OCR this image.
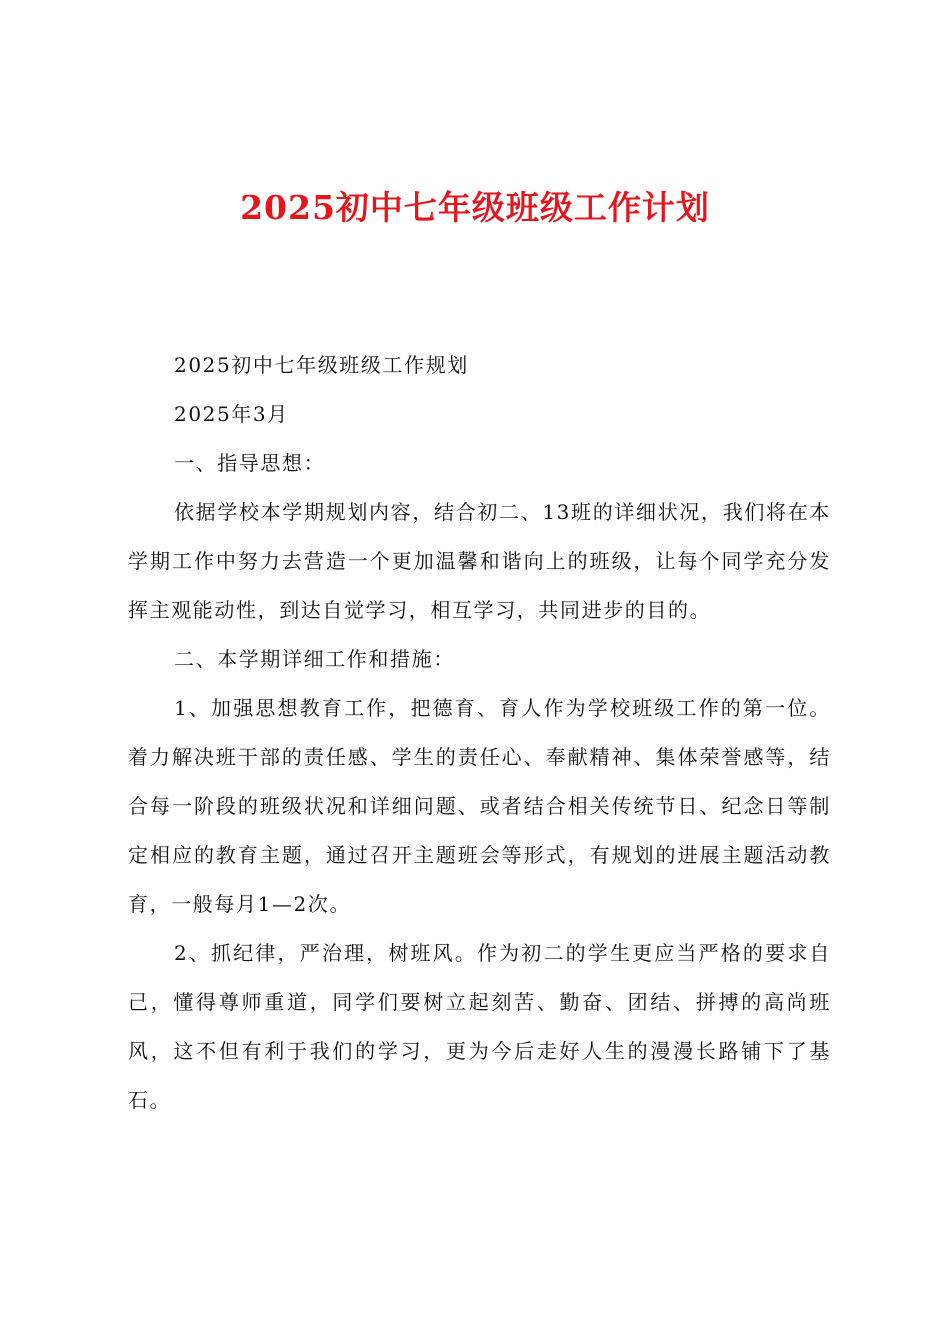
2025初中七年级班级工作计划

2025初中七年级班级工作规划

2025年3月

一、指导思想：

依据学校本学期规划内容，结合初二、13班的详细状况，我们将在本学期工作中努力去营造一个更加温馨和谐向上的班级，让每个同学充分发挥主观能动性，到达自觉学习，相互学习，共同进步的目的。

二、本学期详细工作和措施：

1、加强思想教育工作，把德育、育人作为学校班级工作的第一位。着力解决班干部的责任感、学生的责任心、奉献精神、集体荣誉感等，结合每一阶段的班级状况和详细问题、或者结合相关传统节日、纪念日等制定相应的教育主题，通过召开主题班会等形式，有规划的进展主题活动教育，一般每月1—2次。

2、抓纪律，严治理，树班风。作为初二的学生更应当严格的要求自己，懂得尊师重道，同学们要树立起刻苦、勤奋、团结、拼搏的高尚班风，这不但有利于我们的学习，更为今后走好人生的漫漫长路铺下了基石。
